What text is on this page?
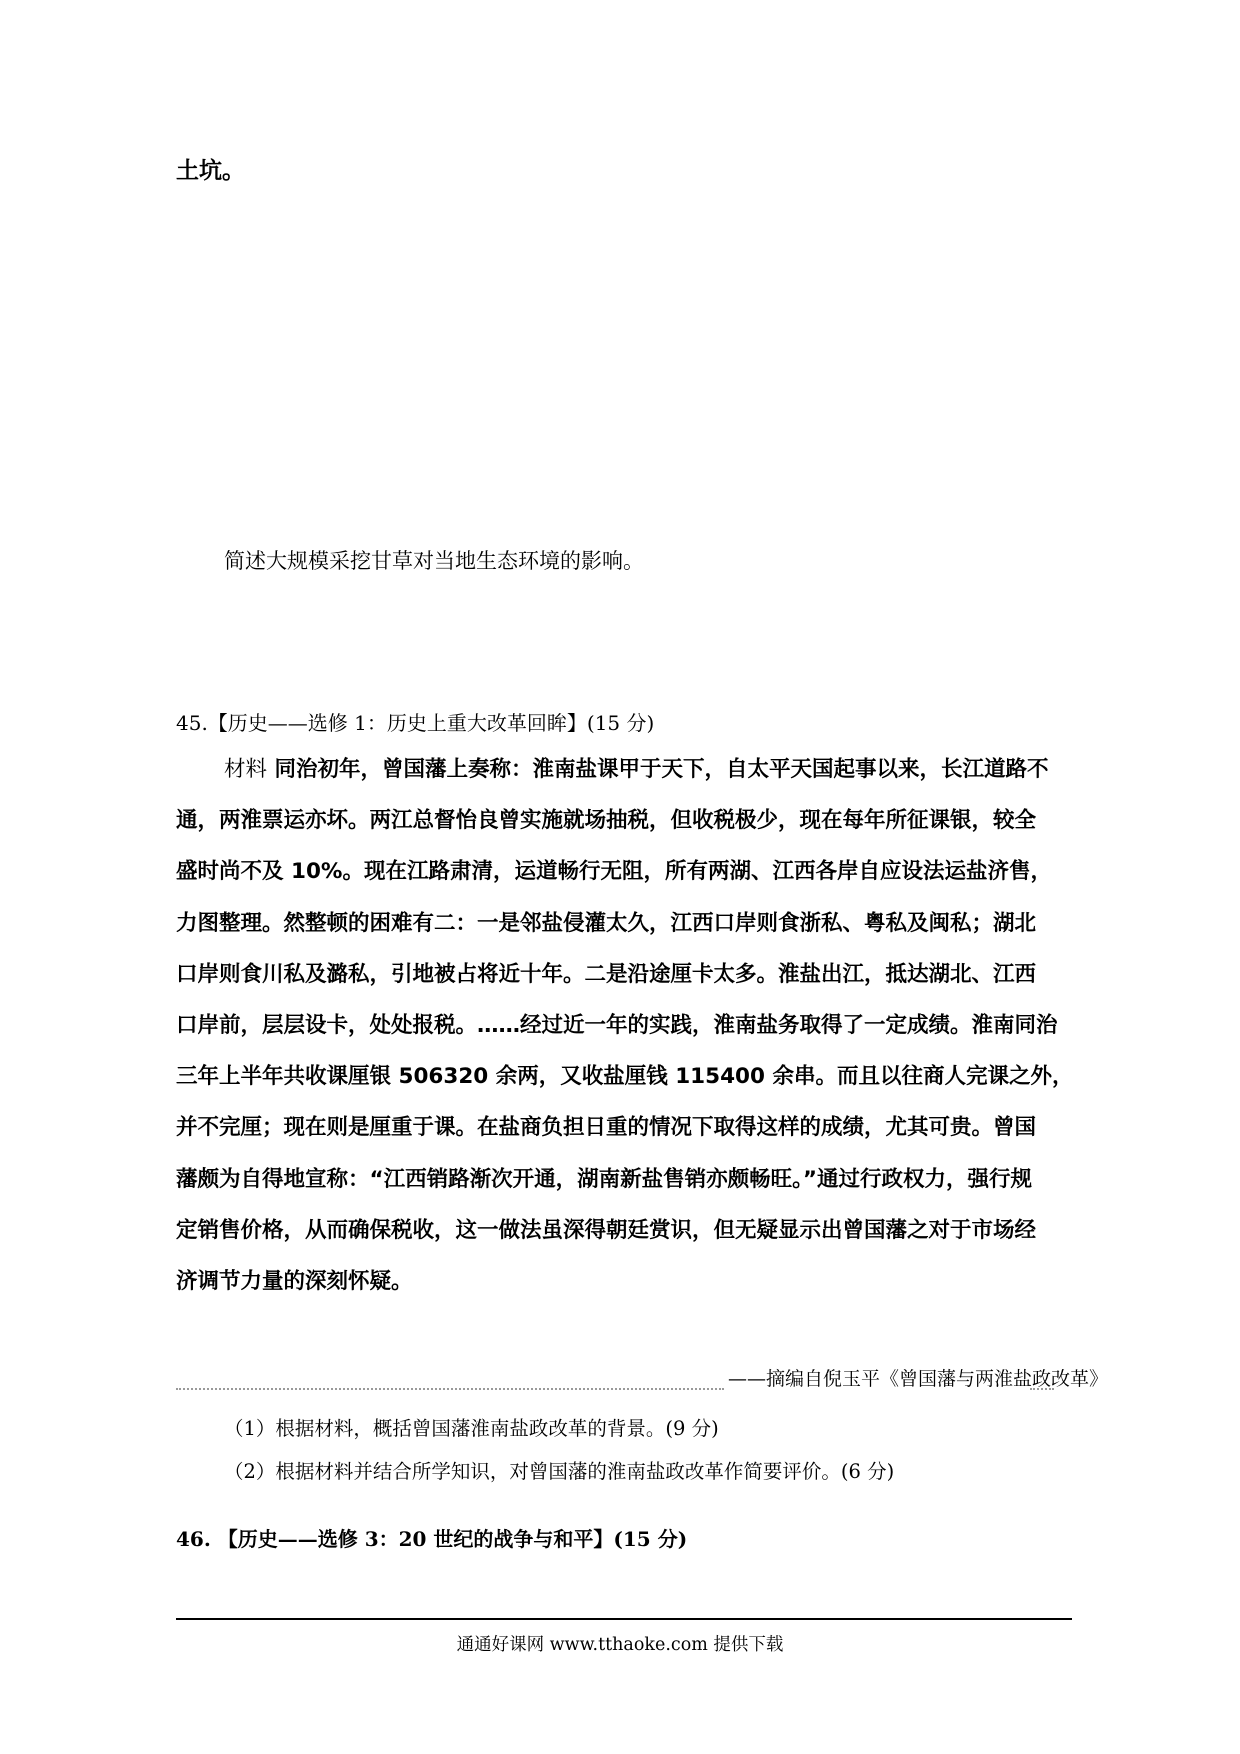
土坑。
简述大规模采挖甘草对当地生态环境的影响。
45.【历史——选修 1：历史上重大改革回眸】(15 分)
材料 同治初年，曾国藩上奏称：淮南盐课甲于天下，自太平天国起事以来，长江道路不
通，两淮票运亦坏。两江总督怡良曾实施就场抽税，但收税极少，现在每年所征课银，较全
盛时尚不及 10%。现在江路肃清，运道畅行无阻，所有两湖、江西各岸自应设法运盐济售，
力图整理。然整顿的困难有二：一是邻盐侵灌太久，江西口岸则食浙私、粤私及闽私；湖北
口岸则食川私及潞私，引地被占将近十年。二是沿途厘卡太多。淮盐出江，抵达湖北、江西
口岸前，层层设卡，处处报税。……经过近一年的实践，淮南盐务取得了一定成绩。淮南同治
三年上半年共收课厘银 506320 余两，又收盐厘钱 115400 余串。而且以往商人完课之外，
并不完厘；现在则是厘重于课。在盐商负担日重的情况下取得这样的成绩，尤其可贵。曾国
藩颇为自得地宣称：“江西销路渐次开通，湖南新盐售销亦颇畅旺。”通过行政权力，强行规
定销售价格，从而确保税收，这一做法虽深得朝廷赏识，但无疑显示出曾国藩之对于市场经
济调节力量的深刻怀疑。
——摘编自倪玉平《曾国藩与两淮盐政改革》
（1）根据材料，概括曾国藩淮南盐政改革的背景。(9 分)
（2）根据材料并结合所学知识，对曾国藩的淮南盐政改革作简要评价。(6 分)
46. 【历史——选修 3：20 世纪的战争与和平】(15 分)
通通好课网 www.tthaoke.com 提供下载
